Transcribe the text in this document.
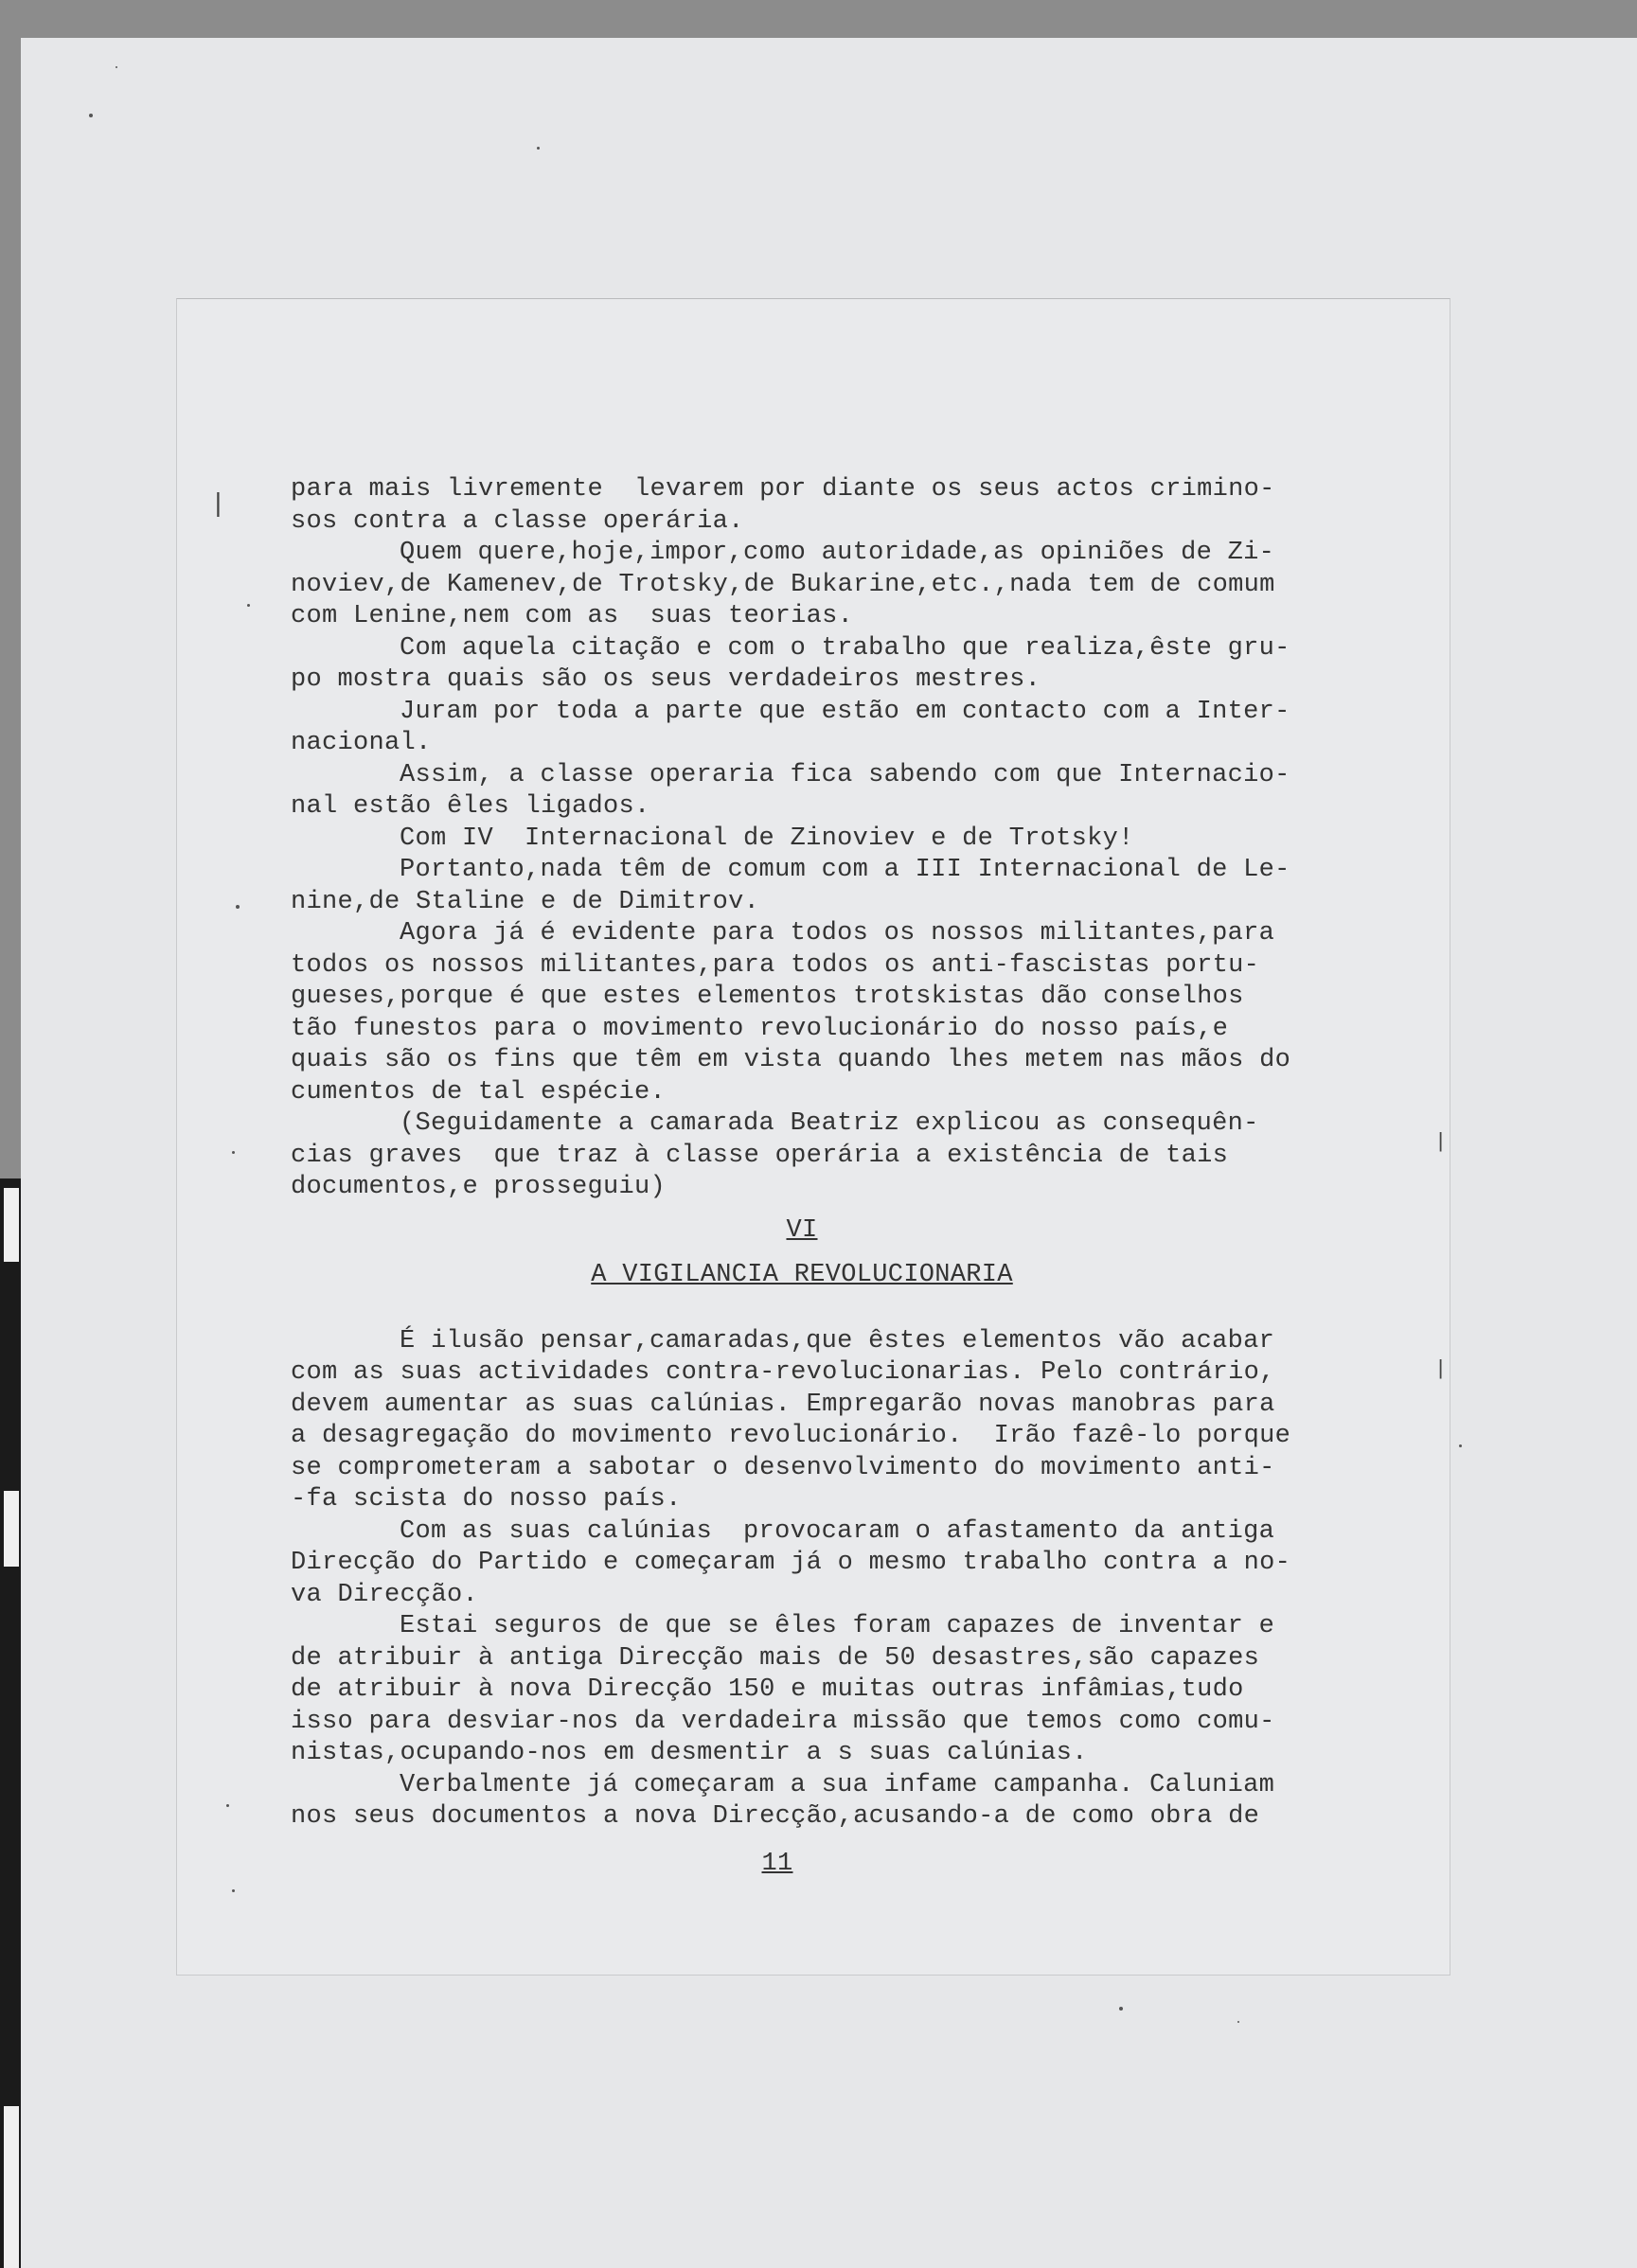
|
|
|
para mais livremente  levarem por diante os seus actos crimino-
sos contra a classe operária.
Quem quere,hoje,impor,como autoridade,as opiniões de Zi-
noviev,de Kamenev,de Trotsky,de Bukarine,etc.,nada tem de comum
com Lenine,nem com as  suas teorias.
Com aquela citação e com o trabalho que realiza,êste gru-
po mostra quais são os seus verdadeiros mestres.
Juram por toda a parte que estão em contacto com a Inter-
nacional.
Assim, a classe operaria fica sabendo com que Internacio-
nal estão êles ligados.
Com IV  Internacional de Zinoviev e de Trotsky!
Portanto,nada têm de comum com a III Internacional de Le-
nine,de Staline e de Dimitrov.
Agora já é evidente para todos os nossos militantes,para
todos os nossos militantes,para todos os anti-fascistas portu-
gueses,porque é que estes elementos trotskistas dão conselhos
tão funestos para o movimento revolucionário do nosso país,e
quais são os fins que têm em vista quando lhes metem nas mãos do
cumentos de tal espécie.
(Seguidamente a camarada Beatriz explicou as consequên-
cias graves  que traz à classe operária a existência de tais
documentos,e prosseguiu)
VI
A VIGILANCIA REVOLUCIONARIA
É ilusão pensar,camaradas,que êstes elementos vão acabar
com as suas actividades contra-revolucionarias. Pelo contrário,
devem aumentar as suas calúnias. Empregarão novas manobras para
a desagregação do movimento revolucionário.  Irão fazê-lo porque
se comprometeram a sabotar o desenvolvimento do movimento anti-
-fa scista do nosso país.
Com as suas calúnias  provocaram o afastamento da antiga
Direcção do Partido e começaram já o mesmo trabalho contra a no-
va Direcção.
Estai seguros de que se êles foram capazes de inventar e
de atribuir à antiga Direcção mais de 50 desastres,são capazes
de atribuir à nova Direcção 150 e muitas outras infâmias,tudo
isso para desviar-nos da verdadeira missão que temos como comu-
nistas,ocupando-nos em desmentir a s suas calúnias.
Verbalmente já começaram a sua infame campanha. Caluniam
nos seus documentos a nova Direcção,acusando-a de como obra de
11
